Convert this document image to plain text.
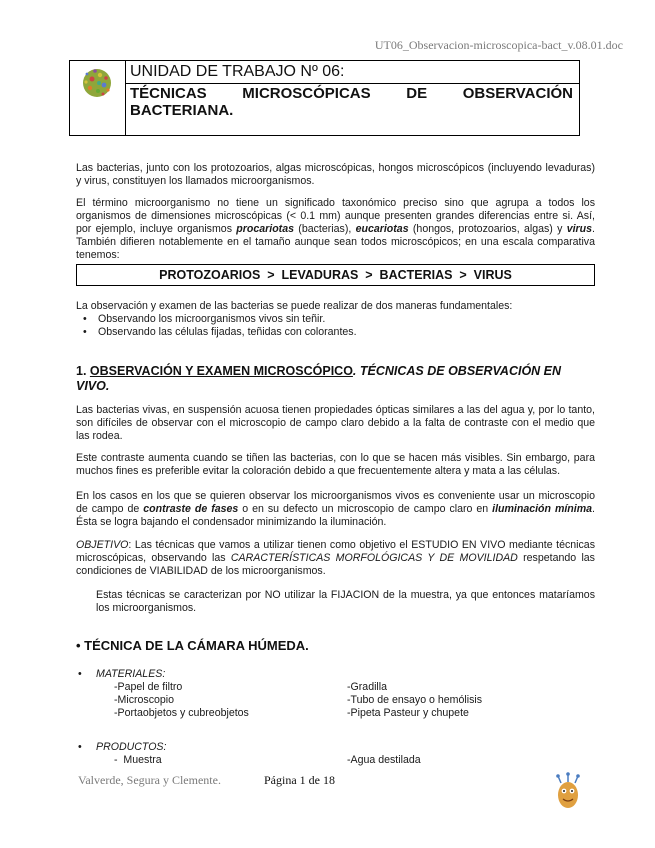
UT06_Observacion-microscopica-bact_v.08.01.doc
UNIDAD DE TRABAJO Nº 06:
TÉCNICAS MICROSCÓPICAS DE OBSERVACIÓN BACTERIANA.
Las bacterias, junto con los protozoarios, algas microscópicas, hongos microscópicos (incluyendo levaduras) y virus, constituyen los llamados microorganismos.
El término microorganismo no tiene un significado taxonómico preciso sino que agrupa a todos los organismos de dimensiones microscópicas (< 0.1 mm) aunque presenten grandes diferencias entre si. Así, por ejemplo, incluye organismos procariotas (bacterias), eucariotas (hongos, protozoarios, algas) y virus. También difieren notablemente en el tamaño aunque sean todos microscópicos; en una escala comparativa tenemos:
PROTOZOARIOS  >  LEVADURAS  >  BACTERIAS  >  VIRUS
La observación y examen de las bacterias se puede realizar de dos maneras fundamentales:
• Observando los microorganismos vivos sin teñir.
• Observando las células fijadas, teñidas con colorantes.
1. OBSERVACIÓN Y EXAMEN MICROSCÓPICO. TÉCNICAS DE OBSERVACIÓN EN VIVO.
Las bacterias vivas, en suspensión acuosa tienen propiedades ópticas similares a las del agua y, por lo tanto, son difíciles de observar con el microscopio de campo claro debido a la falta de contraste con el medio que las rodea.
Este contraste aumenta cuando se tiñen las bacterias, con lo que se hacen más visibles. Sin embargo, para muchos fines es preferible evitar la coloración debido a que frecuentemente altera y mata a las células.
En los casos en los que se quieren observar los microorganismos vivos es conveniente usar un microscopio de campo de contraste de fases o en su defecto un microscopio de campo claro en iluminación mínima. Ésta se logra bajando el condensador minimizando la iluminación.
OBJETIVO: Las técnicas que vamos a utilizar tienen como objetivo el ESTUDIO EN VIVO mediante técnicas microscópicas, observando las CARACTERÍSTICAS MORFOLÓGICAS Y DE MOVILIDAD respetando las condiciones de VIABILIDAD de los microorganismos.
Estas técnicas se caracterizan por NO utilizar la FIJACION de la muestra, ya que entonces mataríamos los microorganismos.
• TÉCNICA DE LA CÁMARA HÚMEDA.
• MATERIALES:
-Papel de filtro
-Microscopio
-Portaobjetos y cubreobjetos
-Gradilla
-Tubo de ensayo o hemólisis
-Pipeta Pasteur y chupete
• PRODUCTOS:
-  Muestra	-Agua destilada
Valverde, Segura y Clemente.	Página 1 de 18
